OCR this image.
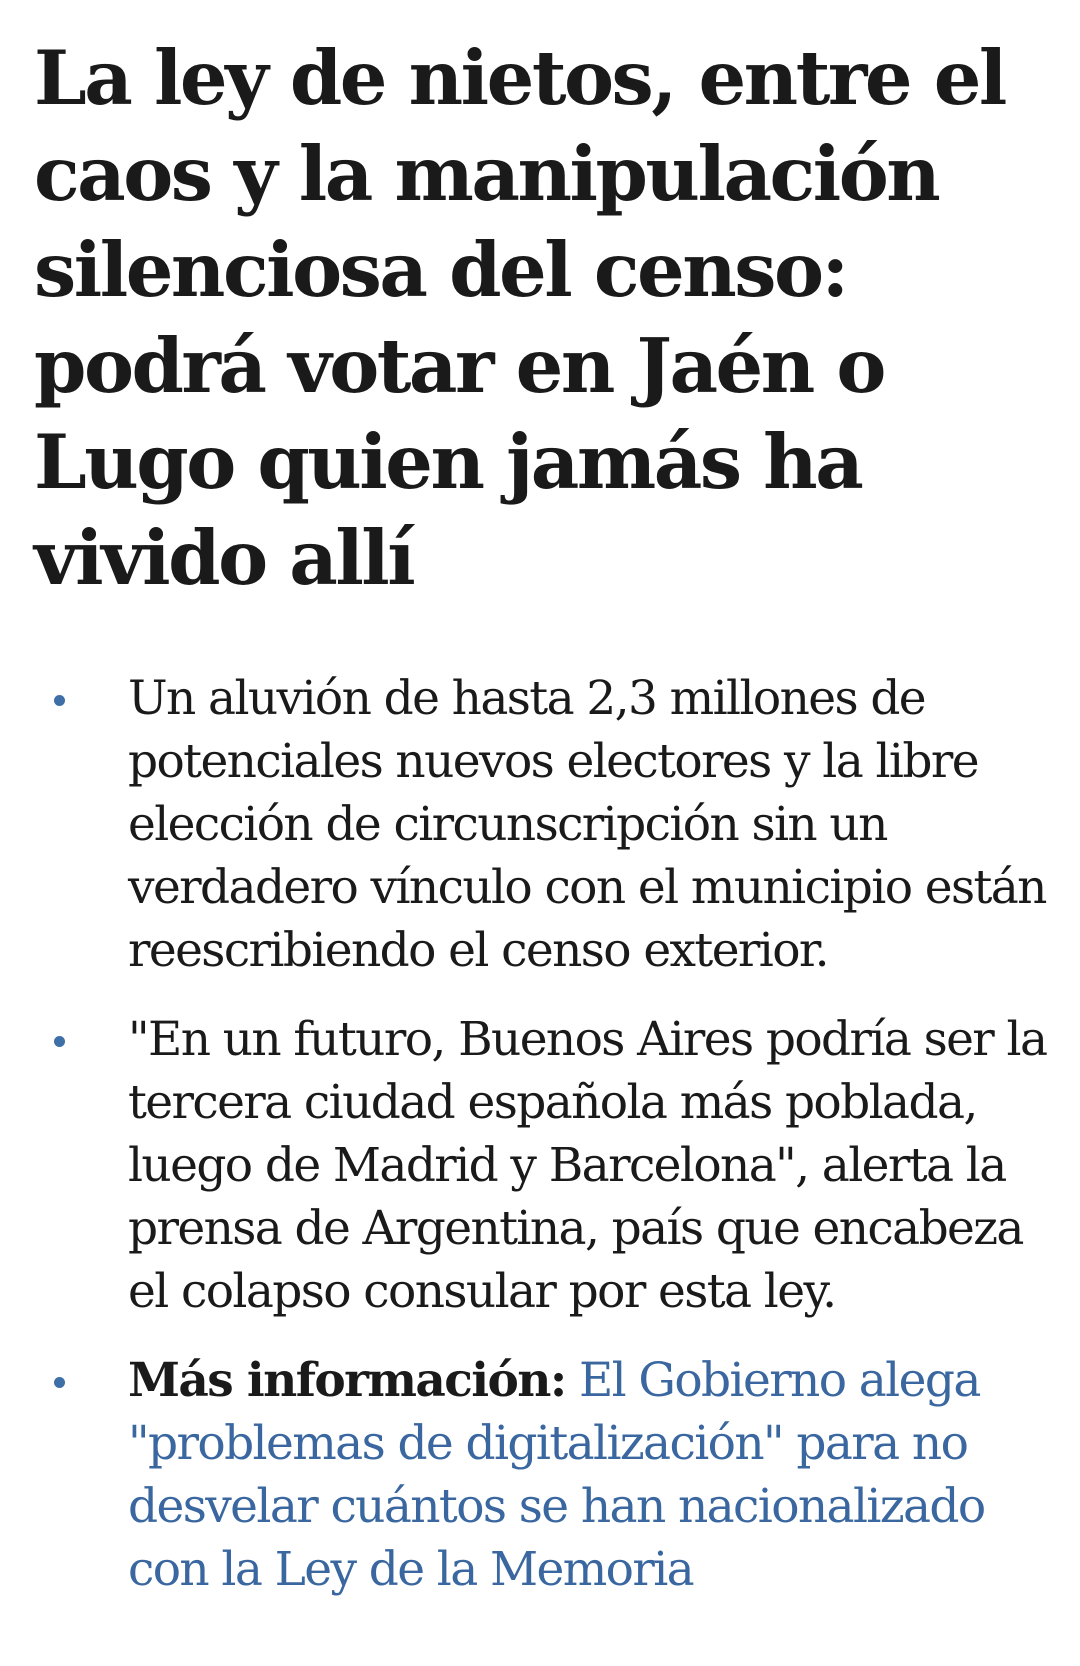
La ley de nietos, entre el caos y la manipulación silenciosa del censo: podrá votar en Jaén o Lugo quien jamás ha vivido allí
Un aluvión de hasta 2,3 millones de potenciales nuevos electores y la libre elección de circunscripción sin un verdadero vínculo con el municipio están reescribiendo el censo exterior.
"En un futuro, Buenos Aires podría ser la tercera ciudad española más poblada, luego de Madrid y Barcelona", alerta la prensa de Argentina, país que encabeza el colapso consular por esta ley.
Más información: El Gobierno alega "problemas de digitalización" para no desvelar cuántos se han nacionalizado con la Ley de la Memoria
